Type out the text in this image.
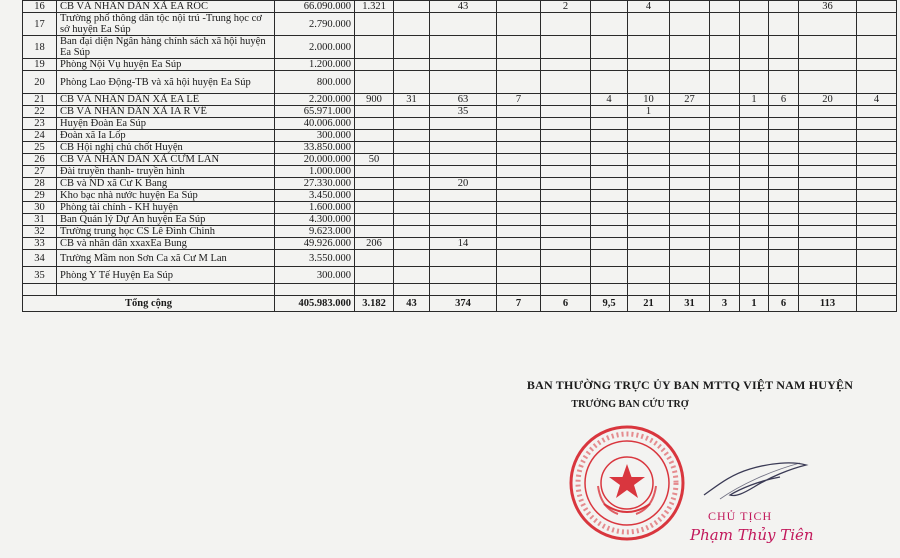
16	CB VÀ NHÂN DÂN XÃ EA RÔC	66.090.000	1.321		43		2		4					36	
17	Trường phổ thông dân tộc nội trú -Trung học cơ sở huyện Ea Súp	2.790.000													
18	Ban đại diện Ngân hàng chính sách xã hội huyện Ea Súp	2.000.000													
19	Phòng Nội Vụ huyện Ea Súp	1.200.000													
20	Phòng Lao Động-TB và xã hội huyện Ea Súp	800.000													
21	CB VÀ NHÂN DÂN XÃ EA LÊ	2.200.000	900	31	63	7		4	10	27		1	6	20	4
22	CB VÀ NHÂN DÂN XÃ IA R VÊ	65.971.000			35				1						
23	Huyện Đoàn Ea Súp	40.006.000													
24	Đoàn xã Ia Lốp	300.000													
25	CB Hội nghị chủ chốt Huyện	33.850.000													
26	CB VÀ NHÂN DÂN XÃ CƯM LAN	20.000.000	50												
27	Đài truyền thanh- truyền hình	1.000.000													
28	CB và ND xã Cư K Bang	27.330.000			20										
29	Kho bạc nhà nước huyện Ea Súp	3.450.000													
30	Phòng tài chính - KH huyện	1.600.000													
31	Ban Quản lý Dự Án huyện Ea Súp	4.300.000													
32	Trường trung học CS Lê Đình Chinh	9.623.000													
33	CB và nhân dân xxaxEa Bung	49.926.000	206		14										
34	Trường Mầm non Sơn Ca xã Cư M Lan	3.550.000													
35	Phòng Y Tế Huyện Ea Súp	300.000													

Tổng cộng		405.983.000	3.182	43	374	7	6	9,5	21	31	3	1	6	113	
BAN THƯỜNG TRỰC ỦY BAN MTTQ VIỆT NAM HUYỆN
TRƯỞNG BAN CỨU TRỢ
CHỦ TỊCH
Phạm Thủy Tiên
